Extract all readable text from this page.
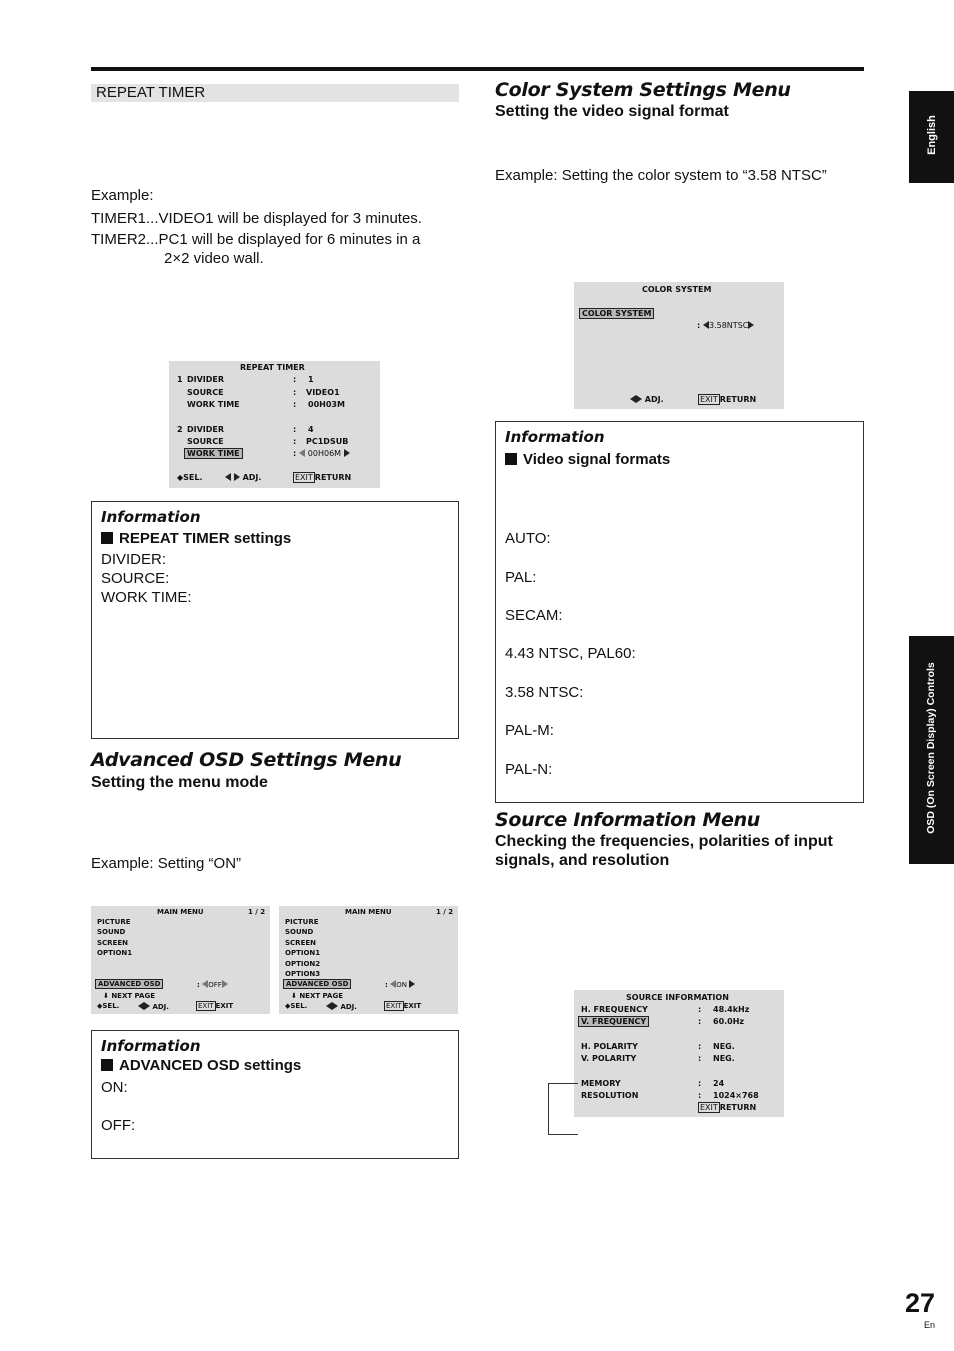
REPEAT TIMER
Example:
TIMER1...VIDEO1 will be displayed for 3 minutes.
TIMER2...PC1 will be displayed for 6 minutes in a
2×2 video wall.
REPEAT TIMER
1 DIVIDER	: 1
SOURCE	: VIDEO1
WORK TIME	: 00H03M
2 DIVIDER	: 4
SOURCE	: PC1DSUB
WORK TIME	:	00H06M
◆SEL.	ADJ.	EXIT RETURN
Information
REPEAT TIMER settings
DIVIDER:
SOURCE:
WORK TIME:
Advanced OSD Settings Menu
Setting the menu mode
Example: Setting “ON”
MAIN MENU	1 / 2
PICTURE
SOUND
SCREEN
OPTION1
ADVANCED OSD	: OFF
⬇ NEXT PAGE
◆SEL.	ADJ.	EXIT EXIT
MAIN MENU	1 / 2
PICTURE
SOUND
SCREEN
OPTION1
OPTION2
OPTION3
ADVANCED OSD	: ON
⬇ NEXT PAGE
◆SEL.	ADJ.	EXIT EXIT
Information
ADVANCED OSD settings
ON:
OFF:
Color System Settings Menu
Setting the video signal format
Example: Setting the color system to “3.58 NTSC”
COLOR SYSTEM
COLOR SYSTEM
: 3.58NTSC
ADJ.	EXIT RETURN
Information
Video signal formats
AUTO:
PAL:
SECAM:
4.43 NTSC, PAL60:
3.58 NTSC:
PAL-M:
PAL-N:
Source Information Menu
Checking the frequencies, polarities of input
signals, and resolution
SOURCE INFORMATION
H. FREQUENCY	: 48.4kHz
V. FREQUENCY	: 60.0Hz
H. POLARITY	: NEG.
V. POLARITY	: NEG.
MEMORY	: 24
RESOLUTION	: 1024×768
EXIT RETURN
English
OSD (On Screen Display) Controls
27
En
